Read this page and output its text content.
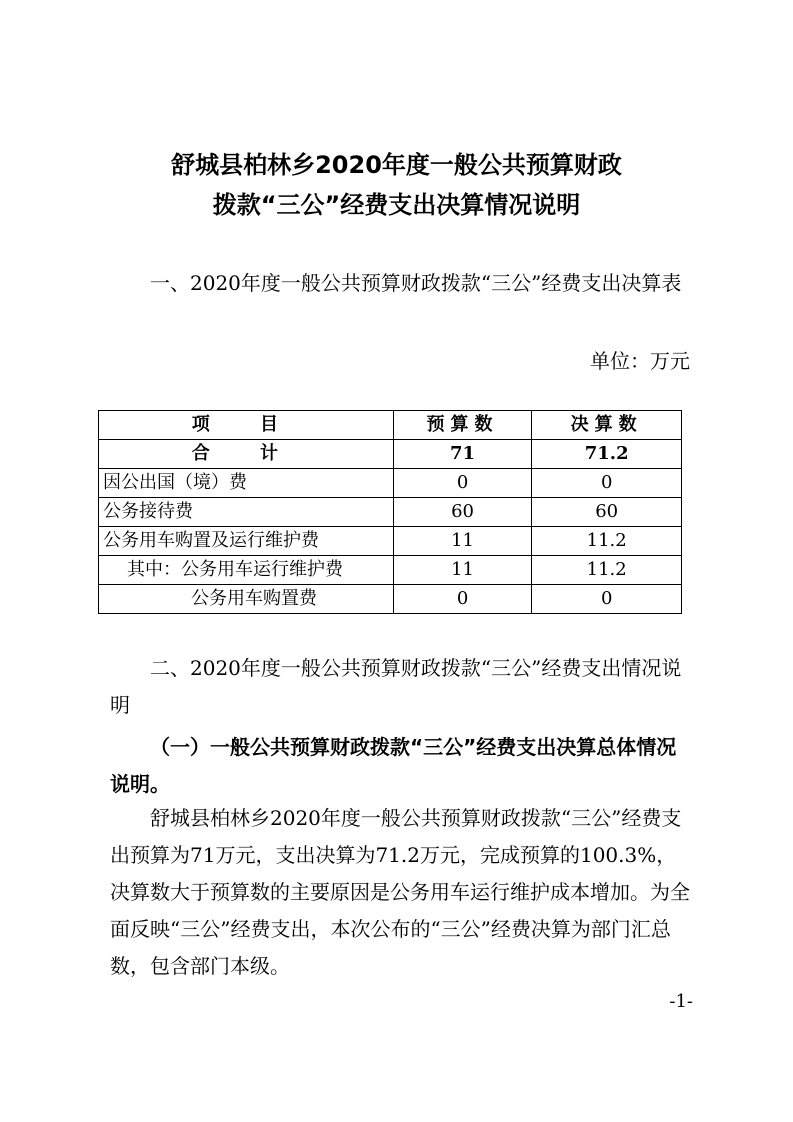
舒城县柏林乡2020年度一般公共预算财政
拨款“三公”经费支出决算情况说明

一、2020年度一般公共预算财政拨款“三公”经费支出决算表

单位：万元
项 目	预算数	决算数
合 计	71	71.2
因公出国（境）费	0	0
公务接待费	60	60
公务用车购置及运行维护费	11	11.2
其中：公务用车运行维护费	11	11.2
公务用车购置费	0	0

二、2020年度一般公共预算财政拨款“三公”经费支出情况说明

（一）一般公共预算财政拨款“三公”经费支出决算总体情况说明。

舒城县柏林乡2020年度一般公共预算财政拨款“三公”经费支出预算为71万元，支出决算为71.2万元，完成预算的100.3%，决算数大于预算数的主要原因是公务用车运行维护成本增加。为全面反映“三公”经费支出，本次公布的“三公”经费决算为部门汇总数，包含部门本级。

-1-
